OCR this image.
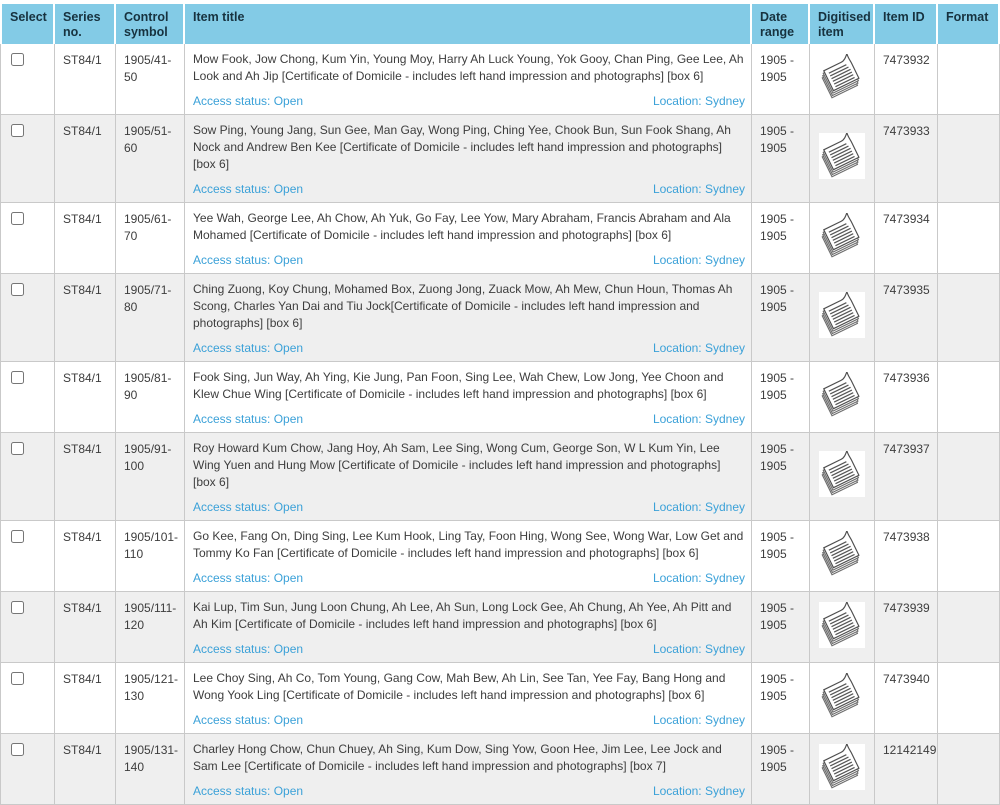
Select	Series no.	Control symbol	Item title	Date range	Digitised item	Item ID	Format
	ST84/1	1905/41-50	Mow Fook, Jow Chong, Kum Yin, Young Moy, Harry Ah Luck Young, Yok Gooy, Chan Ping, Gee Lee, Ah Look and Ah Jip [Certificate of Domicile - includes left hand impression and photographs] [box 6]
Access status: Open Location: Sydney	1905 - 1905		7473932	
	ST84/1	1905/51-60	Sow Ping, Young Jang, Sun Gee, Man Gay, Wong Ping, Ching Yee, Chook Bun, Sun Fook Shang, Ah Nock and Andrew Ben Kee [Certificate of Domicile - includes left hand impression and photographs] [box 6]
Access status: Open Location: Sydney	1905 - 1905		7473933	
	ST84/1	1905/61-70	Yee Wah, George Lee, Ah Chow, Ah Yuk, Go Fay, Lee Yow, Mary Abraham, Francis Abraham and Ala Mohamed [Certificate of Domicile - includes left hand impression and photographs] [box 6]
Access status: Open Location: Sydney	1905 - 1905		7473934	
	ST84/1	1905/71-80	Ching Zuong, Koy Chung, Mohamed Box, Zuong Jong, Zuack Mow, Ah Mew, Chun Houn, Thomas Ah Scong, Charles Yan Dai and Tiu Jock[Certificate of Domicile - includes left hand impression and photographs] [box 6]
Access status: Open Location: Sydney	1905 - 1905		7473935	
	ST84/1	1905/81-90	Fook Sing, Jun Way, Ah Ying, Kie Jung, Pan Foon, Sing Lee, Wah Chew, Low Jong, Yee Choon and Klew Chue Wing [Certificate of Domicile - includes left hand impression and photographs] [box 6]
Access status: Open Location: Sydney	1905 - 1905		7473936	
	ST84/1	1905/91-100	Roy Howard Kum Chow, Jang Hoy, Ah Sam, Lee Sing, Wong Cum, George Son, W L Kum Yin, Lee Wing Yuen and Hung Mow [Certificate of Domicile - includes left hand impression and photographs] [box 6]
Access status: Open Location: Sydney	1905 - 1905		7473937	
	ST84/1	1905/101-110	Go Kee, Fang On, Ding Sing, Lee Kum Hook, Ling Tay, Foon Hing, Wong See, Wong War, Low Get and Tommy Ko Fan [Certificate of Domicile - includes left hand impression and photographs] [box 6]
Access status: Open Location: Sydney	1905 - 1905		7473938	
	ST84/1	1905/111-120	Kai Lup, Tim Sun, Jung Loon Chung, Ah Lee, Ah Sun, Long Lock Gee, Ah Chung, Ah Yee, Ah Pitt and Ah Kim [Certificate of Domicile - includes left hand impression and photographs] [box 6]
Access status: Open Location: Sydney	1905 - 1905		7473939	
	ST84/1	1905/121-130	Lee Choy Sing, Ah Co, Tom Young, Gang Cow, Mah Bew, Ah Lin, See Tan, Yee Fay, Bang Hong and Wong Yook Ling [Certificate of Domicile - includes left hand impression and photographs] [box 6]
Access status: Open Location: Sydney	1905 - 1905		7473940	
	ST84/1	1905/131-140	Charley Hong Chow, Chun Chuey, Ah Sing, Kum Dow, Sing Yow, Goon Hee, Jim Lee, Lee Jock and Sam Lee [Certificate of Domicile - includes left hand impression and photographs] [box 7]
Access status: Open Location: Sydney	1905 - 1905		12142149	
